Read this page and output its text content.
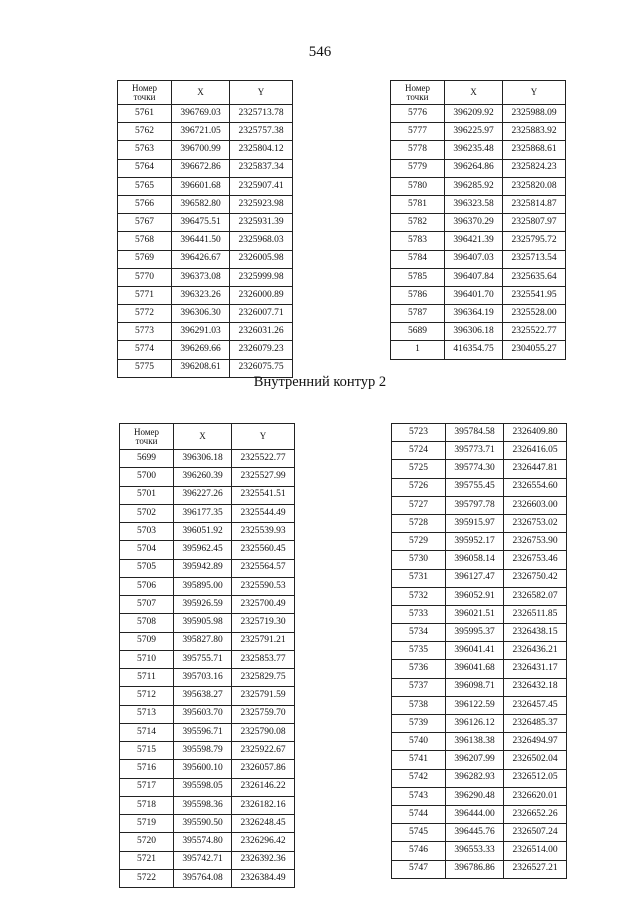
546
Номер
точки	X	Y
5761	396769.03	2325713.78
5762	396721.05	2325757.38
5763	396700.99	2325804.12
5764	396672.86	2325837.34
5765	396601.68	2325907.41
5766	396582.80	2325923.98
5767	396475.51	2325931.39
5768	396441.50	2325968.03
5769	396426.67	2326005.98
5770	396373.08	2325999.98
5771	396323.26	2326000.89
5772	396306.30	2326007.71
5773	396291.03	2326031.26
5774	396269.66	2326079.23
5775	396208.61	2326075.75
Номер
точки	X	Y
5776	396209.92	2325988.09
5777	396225.97	2325883.92
5778	396235.48	2325868.61
5779	396264.86	2325824.23
5780	396285.92	2325820.08
5781	396323.58	2325814.87
5782	396370.29	2325807.97
5783	396421.39	2325795.72
5784	396407.03	2325713.54
5785	396407.84	2325635.64
5786	396401.70	2325541.95
5787	396364.19	2325528.00
5689	396306.18	2325522.77
1	416354.75	2304055.27
Внутренний контур 2
Номер
точки	X	Y
5699	396306.18	2325522.77
5700	396260.39	2325527.99
5701	396227.26	2325541.51
5702	396177.35	2325544.49
5703	396051.92	2325539.93
5704	395962.45	2325560.45
5705	395942.89	2325564.57
5706	395895.00	2325590.53
5707	395926.59	2325700.49
5708	395905.98	2325719.30
5709	395827.80	2325791.21
5710	395755.71	2325853.77
5711	395703.16	2325829.75
5712	395638.27	2325791.59
5713	395603.70	2325759.70
5714	395596.71	2325790.08
5715	395598.79	2325922.67
5716	395600.10	2326057.86
5717	395598.05	2326146.22
5718	395598.36	2326182.16
5719	395590.50	2326248.45
5720	395574.80	2326296.42
5721	395742.71	2326392.36
5722	395764.08	2326384.49
5723	395784.58	2326409.80
5724	395773.71	2326416.05
5725	395774.30	2326447.81
5726	395755.45	2326554.60
5727	395797.78	2326603.00
5728	395915.97	2326753.02
5729	395952.17	2326753.90
5730	396058.14	2326753.46
5731	396127.47	2326750.42
5732	396052.91	2326582.07
5733	396021.51	2326511.85
5734	395995.37	2326438.15
5735	396041.41	2326436.21
5736	396041.68	2326431.17
5737	396098.71	2326432.18
5738	396122.59	2326457.45
5739	396126.12	2326485.37
5740	396138.38	2326494.97
5741	396207.99	2326502.04
5742	396282.93	2326512.05
5743	396290.48	2326620.01
5744	396444.00	2326652.26
5745	396445.76	2326507.24
5746	396553.33	2326514.00
5747	396786.86	2326527.21
